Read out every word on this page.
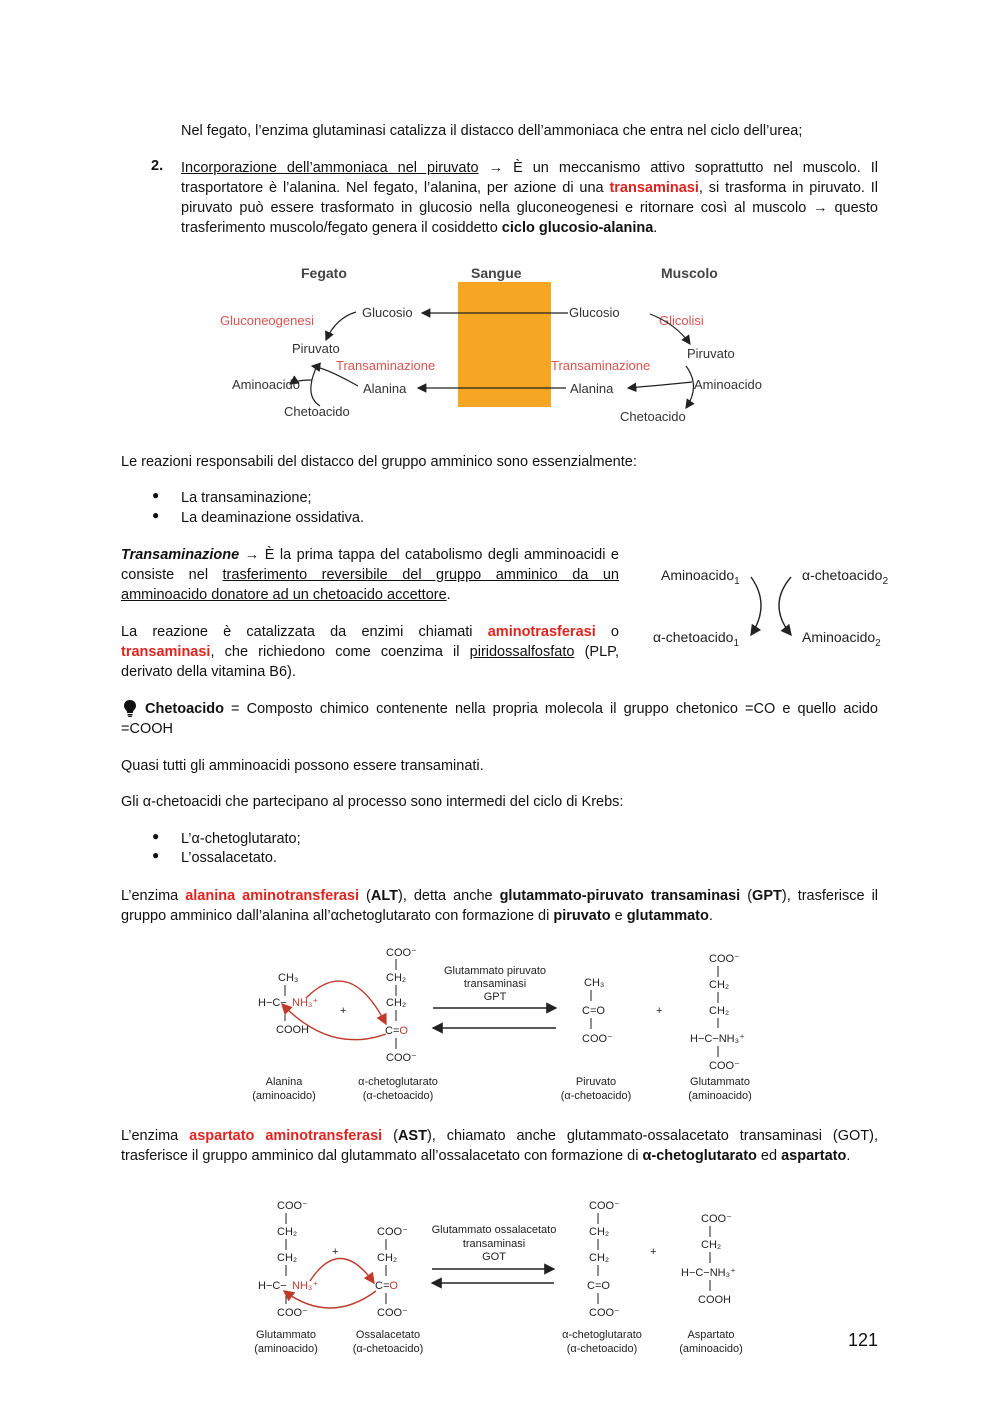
Nel fegato, l’enzima glutaminasi catalizza il distacco dell’ammoniaca che entra nel ciclo dell’urea;
2. Incorporazione dell’ammoniaca nel piruvato → È un meccanismo attivo soprattutto nel muscolo. Il trasportatore è l’alanina. Nel fegato, l’alanina, per azione di una transaminasi, si trasforma in piruvato. Il piruvato può essere trasformato in glucosio nella gluconeogenesi e ritornare così al muscolo → questo trasferimento muscolo/fegato genera il cosiddetto ciclo glucosio-alanina.
Fegato	Sangue	Muscolo
Gluconeogenesi
Glucosio	Glucosio
Glicolisi
Piruvato	Piruvato
Transaminazione	Transaminazione
Aminoacido	Alanina	Alanina	Aminoacido
Chetoacido	Chetoacido
Le reazioni responsabili del distacco del gruppo amminico sono essenzialmente:
● La transaminazione;
● La deaminazione ossidativa.
Transaminazione → È la prima tappa del catabolismo degli amminoacidi e consiste nel trasferimento reversibile del gruppo amminico da un amminoacido donatore ad un chetoacido accettore.
La reazione è catalizzata da enzimi chiamati aminotrasferasi o transaminasi, che richiedono come coenzima il piridossalfosfato (PLP, derivato della vitamina B6).
Aminoacido$_1$	α-chetoacido$_2$
α-chetoacido$_1$	Aminoacido$_2$
Chetoacido = Composto chimico contenente nella propria molecola il gruppo chetonico =CO e quello acido =COOH
Quasi tutti gli amminoacidi possono essere transaminati.
Gli α-chetoacidi che partecipano al processo sono intermedi del ciclo di Krebs:
● L’α-chetoglutarato;
● L’ossalacetato.
L’enzima alanina aminotransferasi (ALT), detta anche glutammato-piruvato transaminasi (GPT), trasferisce il gruppo amminico dall’alanina all’αchetoglutarato con formazione di piruvato e glutammato.
CH₃
H−C− NH₃⁺
COOH
+
COO⁻
CH₂
CH₂
C=O
COO⁻
Glutammato piruvato
transaminasi
GPT
CH₃
C=O
COO⁻
+
COO⁻
CH₂
CH₂
H−C−NH₃⁺
COO⁻
Alanina
(aminoacido)
α-chetoglutarato
(α-chetoacido)
Piruvato
(α-chetoacido)
Glutammato
(aminoacido)
L’enzima aspartato aminotransferasi (AST), chiamato anche glutammato-ossalacetato transaminasi (GOT), trasferisce il gruppo amminico dal glutammato all’ossalacetato con formazione di α-chetoglutarato ed aspartato.
COO⁻
CH₂
CH₂
H−C− NH₃⁺
COO⁻
+
COO⁻
CH₂
C=O
COO⁻
Glutammato ossalacetato
transaminasi
GOT
COO⁻
CH₂
CH₂
C=O
COO⁻
+
COO⁻
CH₂
H−C−NH₃⁺
COOH
Glutammato
(aminoacido)
Ossalacetato
(α-chetoacido)
α-chetoglutarato
(α-chetoacido)
Aspartato
(aminoacido)	121
